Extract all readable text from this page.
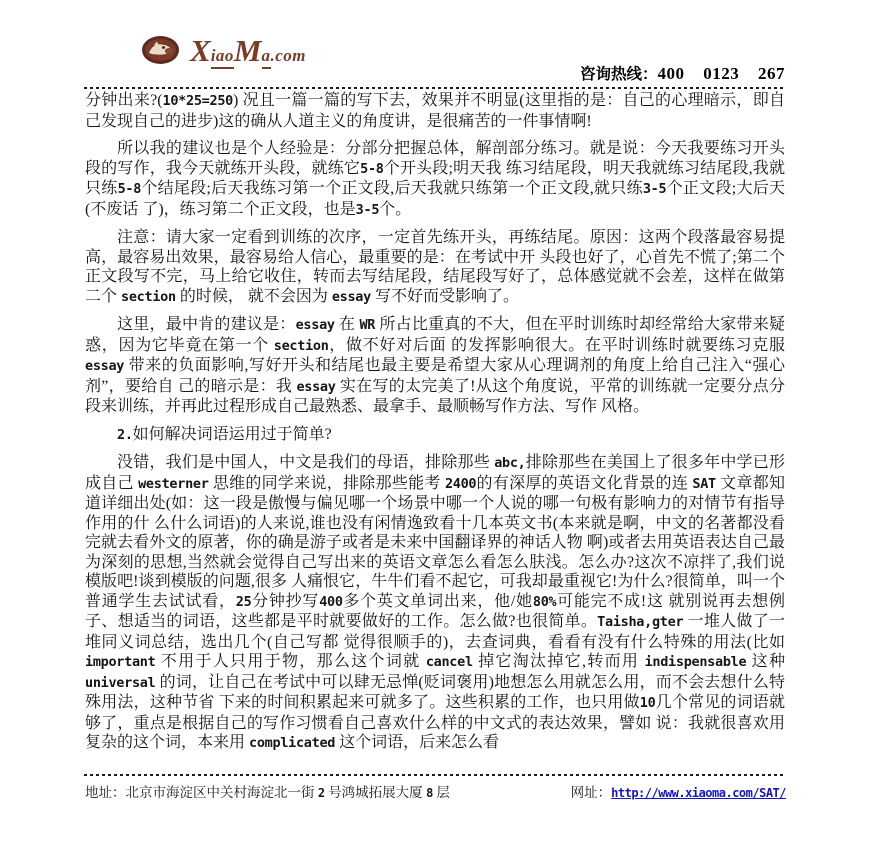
XiaoMa.com
咨询热线：400 0123 267

分钟出来?(10*25=250) 况且一篇一篇的写下去，效果并不明显(这里指的是：自己的心理暗示，即自己发现自己的进步)这的确从人道主义的角度讲，是很痛苦的一件事情啊!

所以我的建议也是个人经验是：分部分把握总体，解剖部分练习。就是说：今天我要练习开头段的写作，我今天就练开头段，就练它5-8个开头段;明天我 练习结尾段，明天我就练习结尾段,我就只练5-8个结尾段;后天我练习第一个正文段,后天我就只练第一个正文段,就只练3-5个正文段;大后天(不废话 了)，练习第二个正文段，也是3-5个。

注意：请大家一定看到训练的次序，一定首先练开头，再练结尾。原因：这两个段落最容易提高，最容易出效果，最容易给人信心，最重要的是：在考试中开 头段也好了，心首先不慌了;第二个正文段写不完，马上给它收住，转而去写结尾段，结尾段写好了，总体感觉就不会差，这样在做第二个 section 的时候， 就不会因为 essay 写不好而受影响了。

这里，最中肯的建议是：essay 在 WR 所占比重真的不大，但在平时训练时却经常给大家带来疑惑，因为它毕竟在第一个 section，做不好对后面 的发挥影响很大。在平时训练时就要练习克服 essay 带来的负面影响,写好开头和结尾也最主要是希望大家从心理调剂的角度上给自己注入“强心剂”，要给自 己的暗示是：我 essay 实在写的太完美了!从这个角度说，平常的训练就一定要分点分段来训练，并再此过程形成自己最熟悉、最拿手、最顺畅写作方法、写作 风格。

2.如何解决词语运用过于简单?

没错，我们是中国人，中文是我们的母语，排除那些 abc,排除那些在美国上了很多年中学已形成自己 westerner 思维的同学来说，排除那些能考 2400的有深厚的英语文化背景的连 SAT 文章都知道详细出处(如：这一段是傲慢与偏见哪一个场景中哪一个人说的哪一句极有影响力的对情节有指导作用的什 么什么词语)的人来说,谁也没有闲情逸致看十几本英文书(本来就是啊，中文的名著都没看完就去看外文的原著，你的确是游子或者是未来中国翻译界的神话人物 啊)或者去用英语表达自己最为深刻的思想,当然就会觉得自己写出来的英语文章怎么看怎么肤浅。怎么办?这次不凉拌了,我们说模版吧!谈到模版的问题,很多 人痛恨它，牛牛们看不起它，可我却最重视它!为什么?很简单，叫一个普通学生去试试看，25分钟抄写400多个英文单词出来，他/她80%可能完不成!这 就别说再去想例子、想适当的词语，这些都是平时就要做好的工作。怎么做?也很简单。Taisha,gter 一堆人做了一堆同义词总结，选出几个(自己写都 觉得很顺手的)，去查词典，看看有没有什么特殊的用法(比如 important 不用于人只用于物，那么这个词就 cancel 掉它淘汰掉它,转而用 indispensable 这种 universal 的词，让自己在考试中可以肆无忌惮(贬词褒用)地想怎么用就怎么用，而不会去想什么特殊用法，这种节省 下来的时间积累起来可就多了。这些积累的工作，也只用做10几个常见的词语就够了，重点是根据自己的写作习惯看自己喜欢什么样的中文式的表达效果，譬如 说：我就很喜欢用复杂的这个词，本来用 complicated 这个词语，后来怎么看

地址：北京市海淀区中关村海淀北一街 2 号鸿城拓展大厦 8 层	网址：http://www.xiaoma.com/SAT/
